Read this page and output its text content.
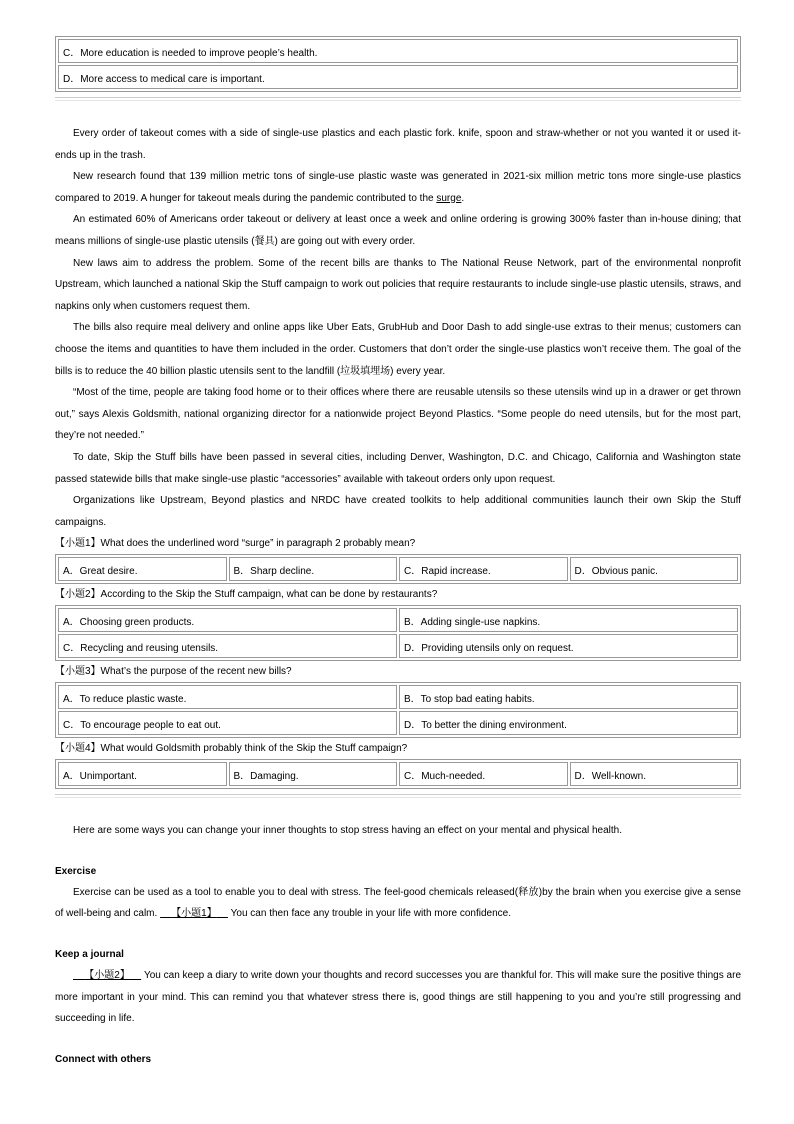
C．More education is needed to improve people’s health.
D．More access to medical care is important.

Every order of takeout comes with a side of single-use plastics and each plastic fork. knife, spoon and straw-whether or not you wanted it or used it-ends up in the trash.

New research found that 139 million metric tons of single-use plastic waste was generated in 2021-six million metric tons more single-use plastics compared to 2019. A hunger for takeout meals during the pandemic contributed to the surge.

An estimated 60% of Americans order takeout or delivery at least once a week and online ordering is growing 300% faster than in-house dining; that means millions of single-use plastic utensils (餐具) are going out with every order.

New laws aim to address the problem. Some of the recent bills are thanks to The National Reuse Network, part of the environmental nonprofit Upstream, which launched a national Skip the Stuff campaign to work out policies that require restaurants to include single-use plastic utensils, straws, and napkins only when customers request them.

The bills also require meal delivery and online apps like Uber Eats, GrubHub and Door Dash to add single-use extras to their menus; customers can choose the items and quantities to have them included in the order. Customers that don’t order the single-use plastics won’t receive them. The goal of the bills is to reduce the 40 billion plastic utensils sent to the landfill (垃圾填埋场) every year.

“Most of the time, people are taking food home or to their offices where there are reusable utensils so these utensils wind up in a drawer or get thrown out,” says Alexis Goldsmith, national organizing director for a nationwide project Beyond Plastics. “Some people do need utensils, but for the most part, they’re not needed.”

To date, Skip the Stuff bills have been passed in several cities, including Denver, Washington, D.C. and Chicago, California and Washington state passed statewide bills that make single-use plastic “accessories” available with takeout orders only upon request.

Organizations like Upstream, Beyond plastics and NRDC have created toolkits to help additional communities launch their own Skip the Stuff campaigns.

【小题1】What does the underlined word “surge” in paragraph 2 probably mean?

A．Great desire.	B．Sharp decline.	C．Rapid increase.	D．Obvious panic.

【小题2】According to the Skip the Stuff campaign, what can be done by restaurants?

A．Choosing green products.	B．Adding single-use napkins.
C．Recycling and reusing utensils.	D．Providing utensils only on request.

【小题3】What’s the purpose of the recent new bills?

A．To reduce plastic waste.	B．To stop bad eating habits.
C．To encourage people to eat out.	D．To better the dining environment.

【小题4】What would Goldsmith probably think of the Skip the Stuff campaign?

A．Unimportant.	B．Damaging.	C．Much-needed.	D．Well-known.

Here are some ways you can change your inner thoughts to stop stress having an effect on your mental and physical health.

Exercise

Exercise can be used as a tool to enable you to deal with stress. The feel-good chemicals released(释放)by the brain when you exercise give a sense of well-being and calm. 【小题1】 You can then face any trouble in your life with more confidence.

Keep a journal

【小题2】 You can keep a diary to write down your thoughts and record successes you are thankful for. This will make sure the positive things are more important in your mind. This can remind you that whatever stress there is, good things are still happening to you and you’re still progressing and succeeding in life.

Connect with others
